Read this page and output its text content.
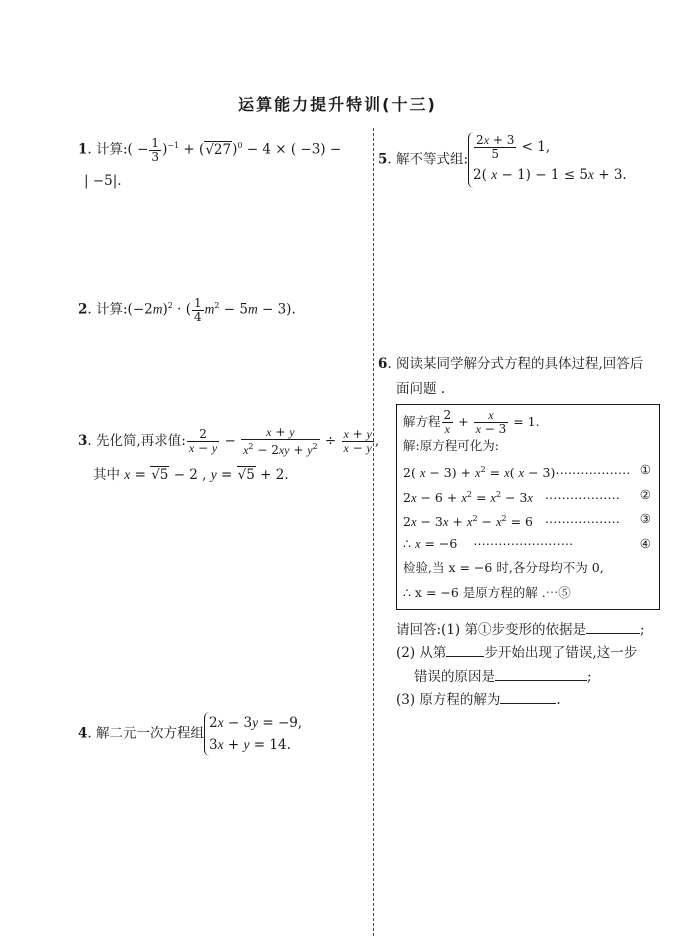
运算能力提升特训(十三)
1. 计算:( − $\frac{1}{3} )^{-1} + (√27)^0 - 4$ × ( −3) −
| −5|.
2. 计算$:(-2m)^2$ · ( $\frac{1}{4} m^2 - 5m - 3$).
3. 先化简,再求值: $\frac{2}{x - y} - \frac{x + y}{x^2 - 2xy + y^2} \div \frac{x + y}{x - y}$ ,
其中 x = √5 − 2 , y = √5 + 2.
4. 解二元一次方程组
2x − 3y = −9,
3x + y = 14.
5. 解不等式组: $\frac{2x + 3}{5} < 1$,
2( x − 1) − 1 ≤ 5x + 3.
6. 阅读某同学解分式方程的具体过程,回答后
面问题 .
解方程 $\frac{2}{x} + \frac{x}{x - 3} = 1$.
解:原方程可化为:
2( $x - 3) + x^2 = x$( x − 3)⋯⋯⋯⋯⋯⋯ ①
$2x - 6 + x^2 = x^2 - 3x$   ⋯⋯⋯⋯⋯⋯ ②
$2x - 3x + x^2 - x^2 = 6$   ⋯⋯⋯⋯⋯⋯ ③
∴ x = −6    ⋯⋯⋯⋯⋯⋯⋯⋯	④
检验,当 x = −6 时,各分母均不为 0,
∴ x = −6 是原方程的解 .⋯⑤
请回答:(1) 第①步变形的依据是	;
(2) 从第	步开始出现了错误,这一步
错误的原因是	;
(3) 原方程的解为	.
